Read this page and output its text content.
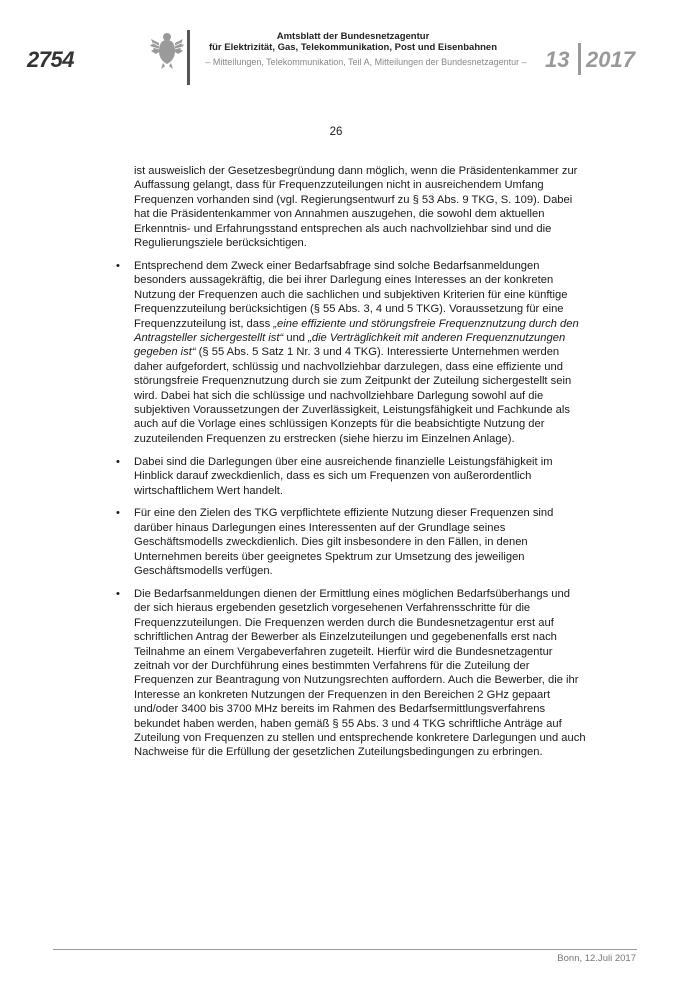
2754
Amtsblatt der Bundesnetzagentur
für Elektrizität, Gas, Telekommunikation, Post und Eisenbahnen
– Mitteilungen, Telekommunikation, Teil A, Mitteilungen der Bundesnetzagentur – 13 2017
26

ist ausweislich der Gesetzesbegründung dann möglich, wenn die Präsidentenkammer zur Auffassung gelangt, dass für Frequenzzuteilungen nicht in ausreichendem Umfang Frequenzen vorhanden sind (vgl. Regierungsentwurf zu § 53 Abs. 9 TKG, S. 109). Dabei hat die Präsidentenkammer von Annahmen auszugehen, die sowohl dem aktuellen Erkenntnis- und Erfahrungsstand entsprechen als auch nachvollziehbar sind und die Regulierungsziele berücksichtigen.

• Entsprechend dem Zweck einer Bedarfsabfrage sind solche Bedarfsanmeldungen besonders aussagekräftig, die bei ihrer Darlegung eines Interesses an der konkreten Nutzung der Frequenzen auch die sachlichen und subjektiven Kriterien für eine künftige Frequenzzuteilung berücksichtigen (§ 55 Abs. 3, 4 und 5 TKG). Voraussetzung für eine Frequenzzuteilung ist, dass „eine effiziente und störungsfreie Frequenznutzung durch den Antragsteller sichergestellt ist“ und „die Verträglichkeit mit anderen Frequenznutzungen gegeben ist“ (§ 55 Abs. 5 Satz 1 Nr. 3 und 4 TKG). Interessierte Unternehmen werden daher aufgefordert, schlüssig und nachvollziehbar darzulegen, dass eine effiziente und störungsfreie Frequenznutzung durch sie zum Zeitpunkt der Zuteilung sichergestellt sein wird. Dabei hat sich die schlüssige und nachvollziehbare Darlegung sowohl auf die subjektiven Voraussetzungen der Zuverlässigkeit, Leistungsfähigkeit und Fachkunde als auch auf die Vorlage eines schlüssigen Konzepts für die beabsichtigte Nutzung der zuzuteilenden Frequenzen zu erstrecken (siehe hierzu im Einzelnen Anlage).
• Dabei sind die Darlegungen über eine ausreichende finanzielle Leistungsfähigkeit im Hinblick darauf zweckdienlich, dass es sich um Frequenzen von außerordentlich wirtschaftlichem Wert handelt.
• Für eine den Zielen des TKG verpflichtete effiziente Nutzung dieser Frequenzen sind darüber hinaus Darlegungen eines Interessenten auf der Grundlage seines Geschäftsmodells zweckdienlich. Dies gilt insbesondere in den Fällen, in denen Unternehmen bereits über geeignetes Spektrum zur Umsetzung des jeweiligen Geschäftsmodells verfügen.
• Die Bedarfsanmeldungen dienen der Ermittlung eines möglichen Bedarfsüberhangs und der sich hieraus ergebenden gesetzlich vorgesehenen Verfahrensschritte für die Frequenzzuteilungen. Die Frequenzen werden durch die Bundesnetzagentur erst auf schriftlichen Antrag der Bewerber als Einzelzuteilungen und gegebenenfalls erst nach Teilnahme an einem Vergabeverfahren zugeteilt. Hierfür wird die Bundesnetzagentur zeitnah vor der Durchführung eines bestimmten Verfahrens für die Zuteilung der Frequenzen zur Beantragung von Nutzungsrechten auffordern. Auch die Bewerber, die ihr Interesse an konkreten Nutzungen der Frequenzen in den Bereichen 2 GHz gepaart und/oder 3400 bis 3700 MHz bereits im Rahmen des Bedarfsermittlungsverfahrens bekundet haben werden, haben gemäß § 55 Abs. 3 und 4 TKG schriftliche Anträge auf Zuteilung von Frequenzen zu stellen und entsprechende konkretere Darlegungen und auch Nachweise für die Erfüllung der gesetzlichen Zuteilungsbedingungen zu erbringen.
Bonn, 12.Juli 2017
